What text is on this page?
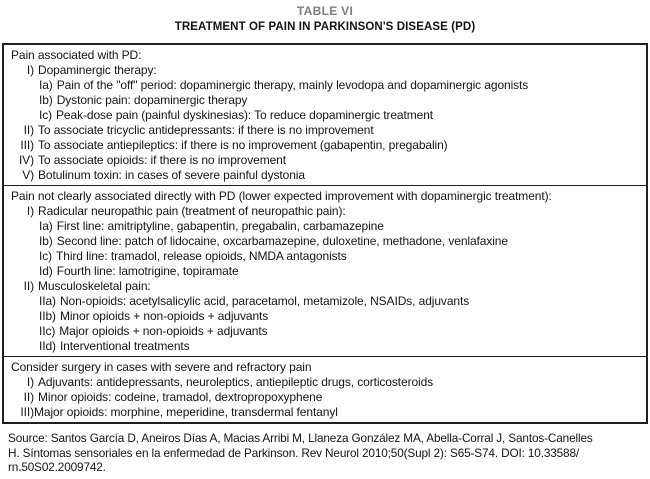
TABLE VI
TREATMENT OF PAIN IN PARKINSON'S DISEASE (PD)
Pain associated with PD:
I) Dopaminergic therapy:
Ia) Pain of the "off" period: dopaminergic therapy, mainly levodopa and dopaminergic agonists
Ib) Dystonic pain: dopaminergic therapy
Ic) Peak-dose pain (painful dyskinesias): To reduce dopaminergic treatment
II) To associate tricyclic antidepressants: if there is no improvement
III) To associate antiepileptics: if there is no improvement (gabapentin, pregabalin)
IV) To associate opioids: if there is no improvement
V) Botulinum toxin: in cases of severe painful dystonia
Pain not clearly associated directly with PD (lower expected improvement with dopaminergic treatment):
I) Radicular neuropathic pain (treatment of neuropathic pain):
Ia) First line: amitriptyline, gabapentin, pregabalin, carbamazepine
Ib) Second line: patch of lidocaine, oxcarbamazepine, duloxetine, methadone, venlafaxine
Ic) Third line: tramadol, release opioids, NMDA antagonists
Id) Fourth line: lamotrigine, topiramate
II) Musculoskeletal pain:
IIa) Non-opioids: acetylsalicylic acid, paracetamol, metamizole, NSAIDs, adjuvants
IIb) Minor opioids + non-opioids + adjuvants
IIc) Major opioids + non-opioids + adjuvants
IId) Interventional treatments
Consider surgery in cases with severe and refractory pain
I) Adjuvants: antidepressants, neuroleptics, antiepileptic drugs, corticosteroids
II) Minor opioids: codeine, tramadol, dextropropoxyphene
III) Major opioids: morphine, meperidine, transdermal fentanyl
Source: Santos García D, Aneiros Días A, Macias Arribi M, Llaneza González MA, Abella-Corral J, Santos-Canelles
H. Síntomas sensoriales en la enfermedad de Parkinson. Rev Neurol 2010;50(Supl 2): S65-S74. DOI: 10.33588/
rn.50S02.2009742.
